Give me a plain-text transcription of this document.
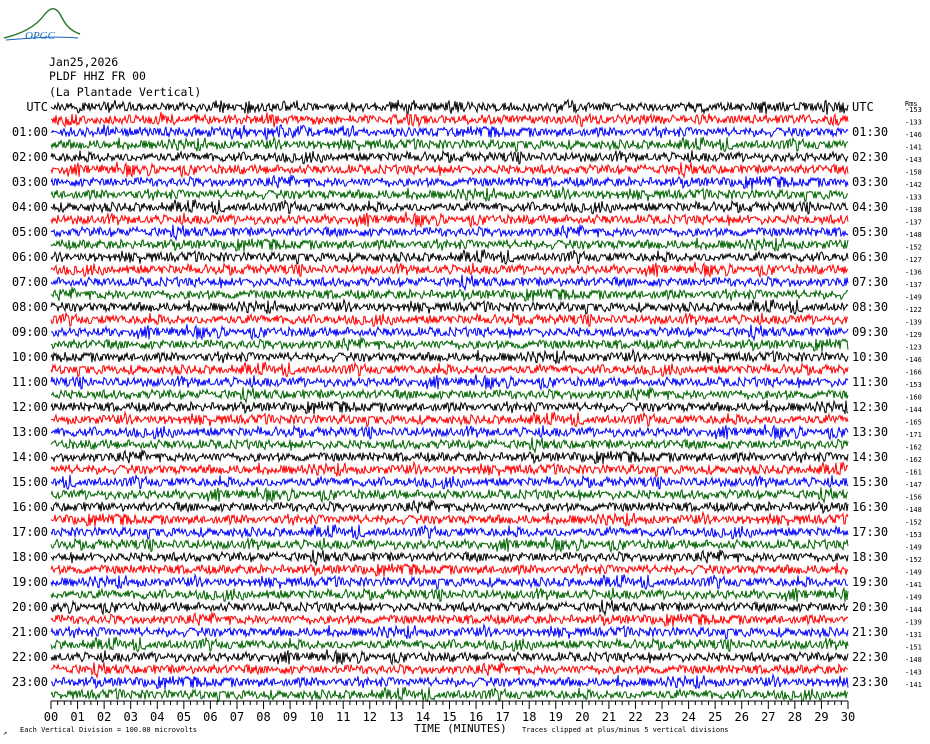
OPGC
Jan25,2026
PLDF HHZ FR 00
(La Plantade Vertical)
Rms
UTC
01:00
02:00
03:00
04:00
05:00
06:00
07:00
08:00
09:00
10:00
11:00
12:00
13:00
14:00
15:00
16:00
17:00
18:00
19:00
20:00
21:00
22:00
23:00
UTC
01:30
02:30
03:30
04:30
05:30
06:30
07:30
08:30
09:30
10:30
11:30
12:30
13:30
14:30
15:30
16:30
17:30
18:30
19:30
20:30
21:30
22:30
23:30
-153
-133
-146
-141
-143
-158
-142
-133
-138
-137
-148
-152
-127
-136
-137
-149
-122
-139
-129
-123
-146
-166
-153
-160
-144
-165
-171
-162
-162
-161
-147
-156
-148
-152
-153
-149
-152
-149
-141
-149
-144
-139
-131
-151
-148
-143
-141
00 01 02 03 04 05 06 07 08 09 10 11 12 13 14 15 16 17 18 19 20 21 22 23 24 25 26 27 28 29 30
↗ Each Vertical Division = 100.00 microvolts	TIME (MINUTES) Traces clipped at plus/minus 5 vertical divisions
